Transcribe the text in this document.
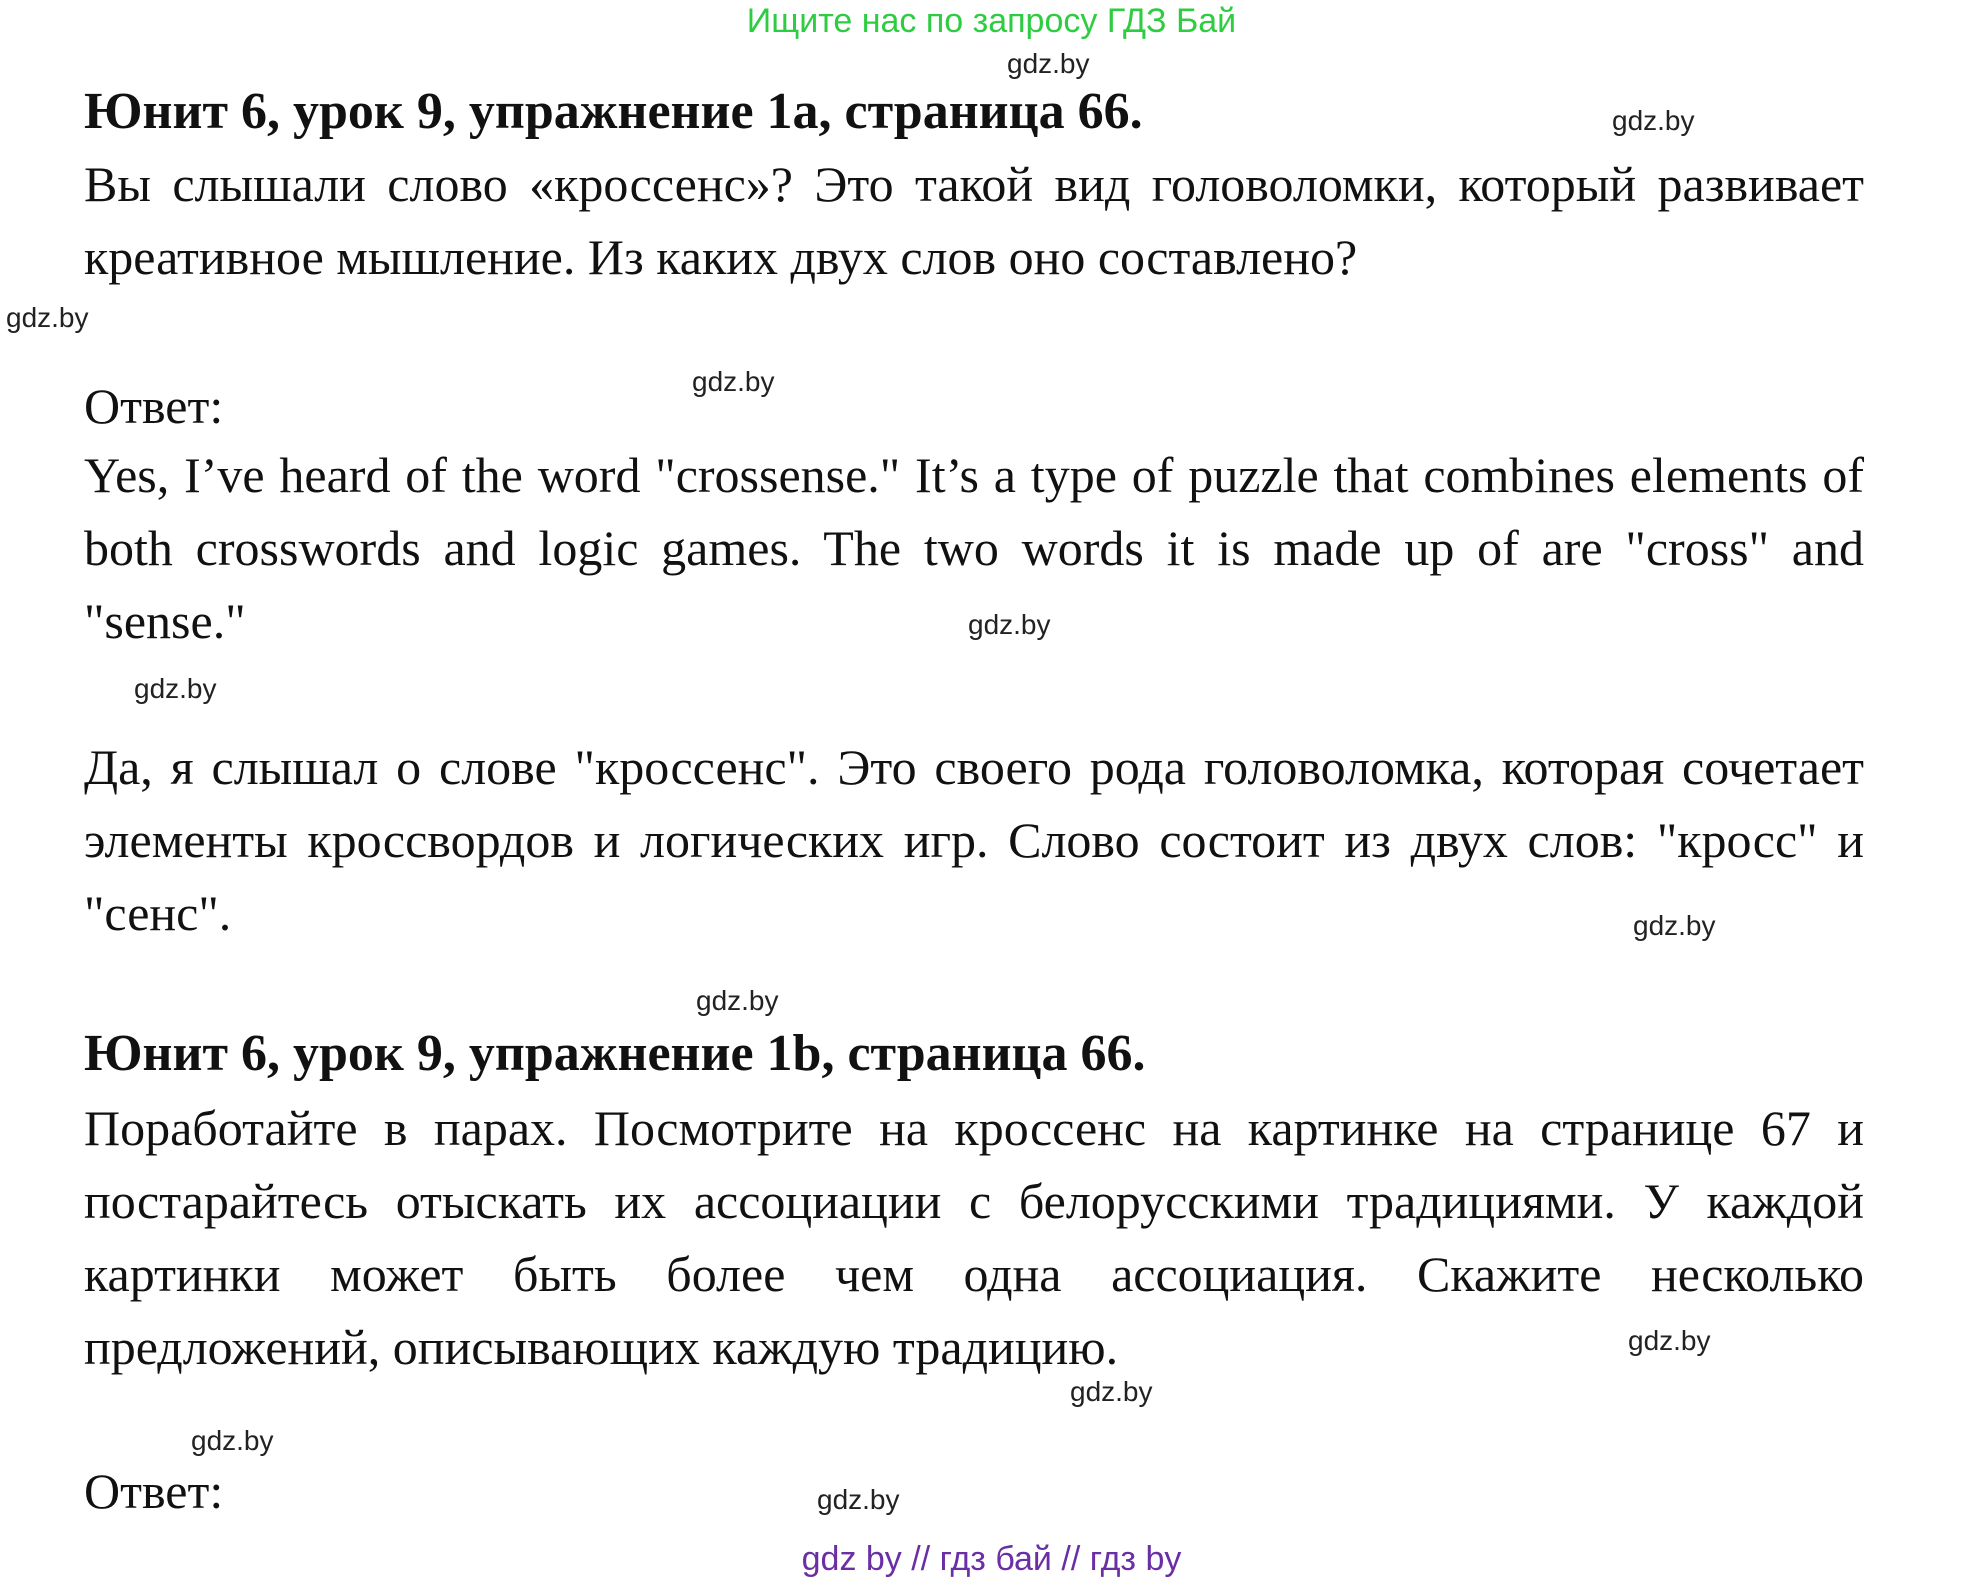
Ищите нас по запросу ГДЗ Бай
gdz.by
gdz.by
gdz.by
gdz.by
gdz.by
gdz.by
gdz.by
gdz.by
gdz.by
gdz.by
gdz.by
gdz.by
Юнит 6, урок 9, упражнение 1a, страница 66.
Вы слышали слово «кроссенс»? Это такой вид головоломки, который развивает креативное мышление. Из каких двух слов оно составлено?
Ответ:
Yes, I’ve heard of the word "crossense." It’s a type of puzzle that combines elements of both crosswords and logic games. The two words it is made up of are "cross" and "sense."
Да, я слышал о слове "кроссенс". Это своего рода головоломка, которая сочетает элементы кроссвордов и логических игр. Слово состоит из двух слов: "кросс" и "сенс".
Юнит 6, урок 9, упражнение 1b, страница 66.
Поработайте в парах. Посмотрите на кроссенс на картинке на странице 67 и постарайтесь отыскать их ассоциации с белорусскими традициями. У каждой картинки может быть более чем одна ассоциация. Скажите несколько предложений, описывающих каждую традицию.
Ответ:
gdz by // гдз бай // гдз by
